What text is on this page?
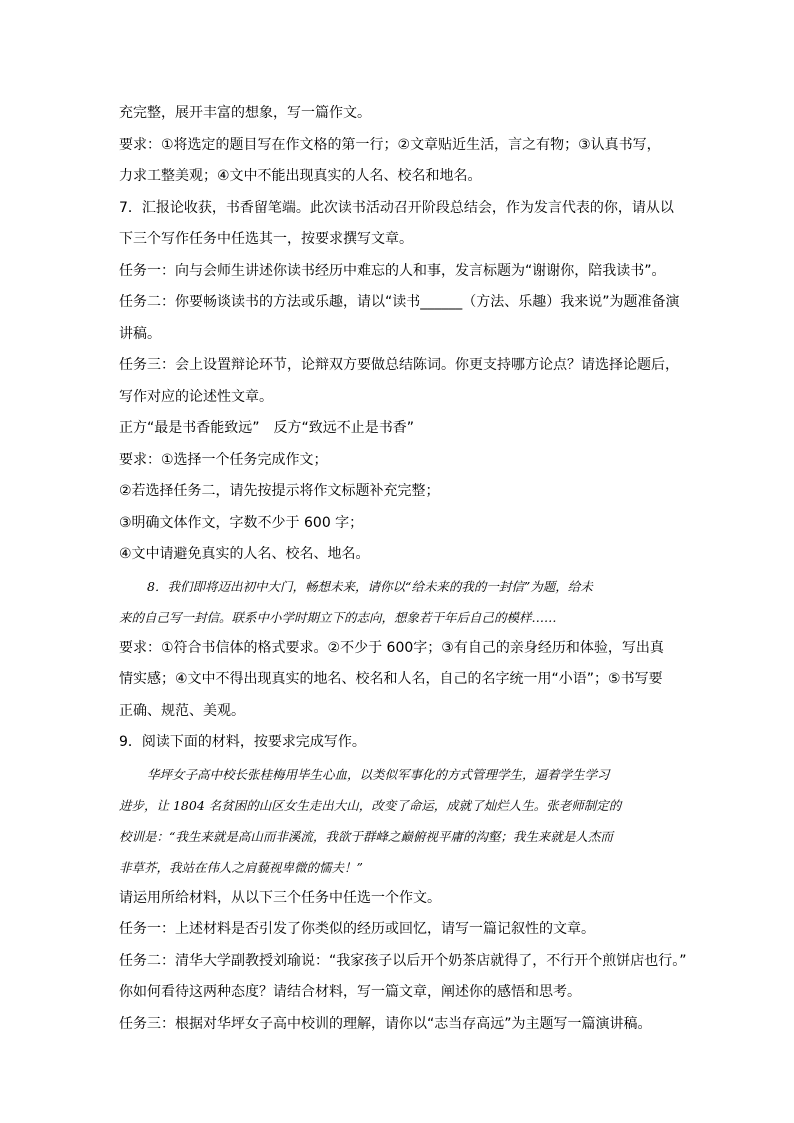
充完整，展开丰富的想象，写一篇作文。
要求：①将选定的题目写在作文格的第一行；②文章贴近生活，言之有物；③认真书写，
力求工整美观；④文中不能出现真实的人名、校名和地名。
7．汇报论收获，书香留笔端。此次读书活动召开阶段总结会，作为发言代表的你，请从以
下三个写作任务中任选其一，按要求撰写文章。
任务一：向与会师生讲述你读书经历中难忘的人和事，发言标题为“谢谢你，陪我读书”。
任务二：你要畅谈读书的方法或乐趣，请以“读书______（方法、乐趣）我来说”为题准备演
讲稿。
任务三：会上设置辩论环节，论辩双方要做总结陈词。你更支持哪方论点？请选择论题后，
写作对应的论述性文章。
正方“最是书香能致远”　反方“致远不止是书香”
要求：①选择一个任务完成作文；
②若选择任务二，请先按提示将作文标题补充完整；
③明确文体作文，字数不少于 600 字；
④文中请避免真实的人名、校名、地名。
8．我们即将迈出初中大门，畅想未来，请你以“给未来的我的一封信”为题，给未
来的自己写一封信。联系中小学时期立下的志向，想象若干年后自己的模样……
要求：①符合书信体的格式要求。②不少于 600字；③有自己的亲身经历和体验，写出真
情实感；④文中不得出现真实的地名、校名和人名，自己的名字统一用“小语”；⑤书写要
正确、规范、美观。
9．阅读下面的材料，按要求完成写作。
华坪女子高中校长张桂梅用毕生心血，以类似军事化的方式管理学生，逼着学生学习
进步，让 1804 名贫困的山区女生走出大山，改变了命运，成就了灿烂人生。张老师制定的
校训是：“我生来就是高山而非溪流，我欲于群峰之巅俯视平庸的沟壑；我生来就是人杰而
非草芥，我站在伟人之肩藐视卑微的懦夫！”
请运用所给材料，从以下三个任务中任选一个作文。
任务一：上述材料是否引发了你类似的经历或回忆，请写一篇记叙性的文章。
任务二：清华大学副教授刘瑜说：“我家孩子以后开个奶茶店就得了，不行开个煎饼店也行。”
你如何看待这两种态度？请结合材料，写一篇文章，阐述你的感悟和思考。
任务三：根据对华坪女子高中校训的理解，请你以“志当存高远”为主题写一篇演讲稿。
